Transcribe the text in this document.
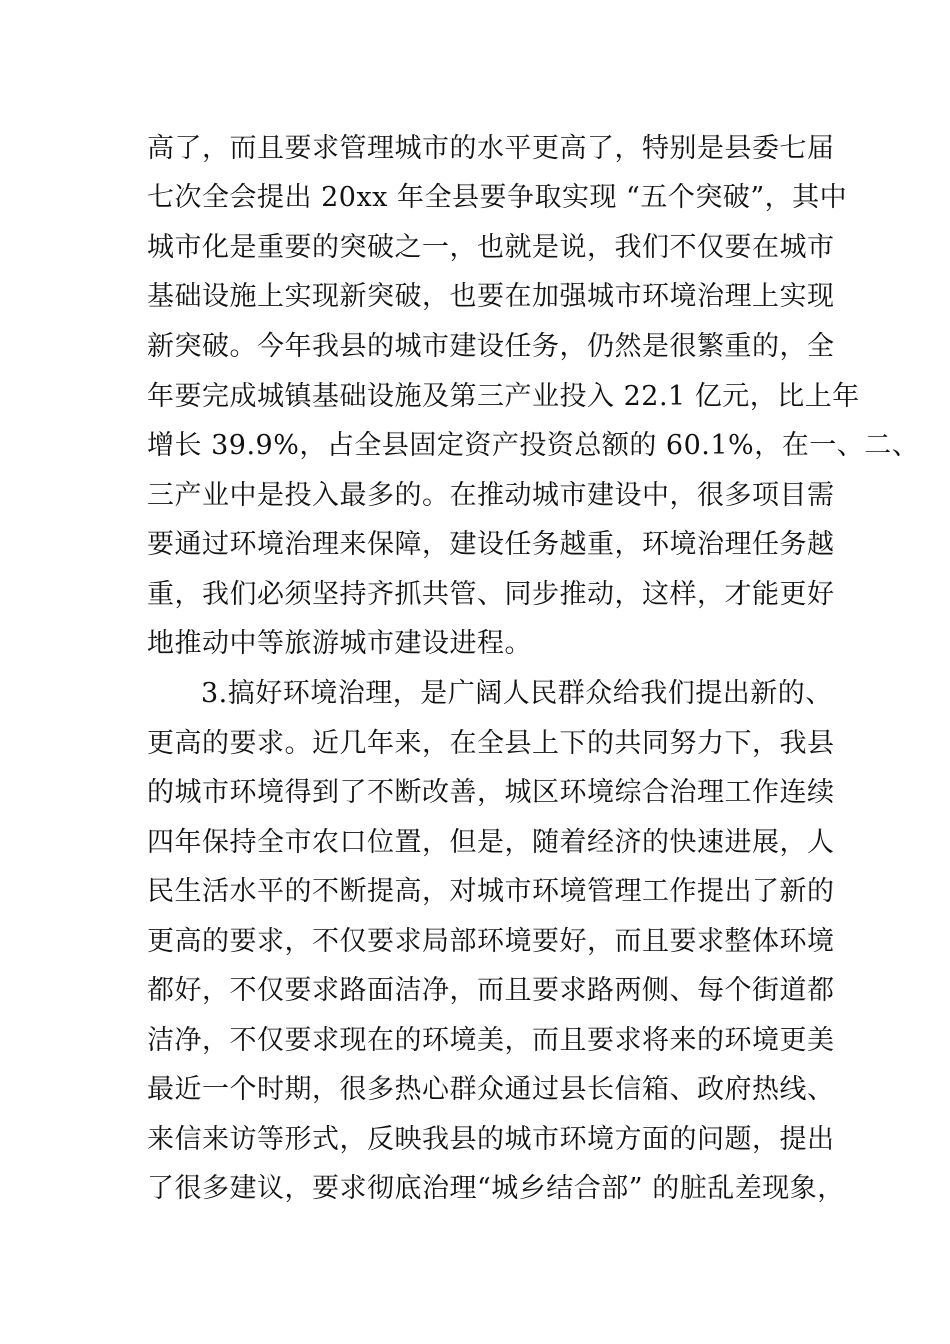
高了，而且要求管理城市的水平更高了，特别是县委七届
七次全会提出 20xx 年全县要争取实现 “五个突破”，其中
城市化是重要的突破之一，也就是说，我们不仅要在城市
基础设施上实现新突破，也要在加强城市环境治理上实现
新突破。今年我县的城市建设任务，仍然是很繁重的，全
年要完成城镇基础设施及第三产业投入 22.1 亿元，比上年
增长 39.9%，占全县固定资产投资总额的 60.1%，在一、二、
三产业中是投入最多的。在推动城市建设中，很多项目需
要通过环境治理来保障，建设任务越重，环境治理任务越
重，我们必须坚持齐抓共管、同步推动，这样，才能更好
地推动中等旅游城市建设进程。
3.搞好环境治理，是广阔人民群众给我们提出新的、
更高的要求。近几年来，在全县上下的共同努力下，我县
的城市环境得到了不断改善，城区环境综合治理工作连续
四年保持全市农口位置，但是，随着经济的快速进展，人
民生活水平的不断提高，对城市环境管理工作提出了新的
更高的要求，不仅要求局部环境要好，而且要求整体环境
都好，不仅要求路面洁净，而且要求路两侧、每个街道都
洁净，不仅要求现在的环境美，而且要求将来的环境更美
最近一个时期，很多热心群众通过县长信箱、政府热线、
来信来访等形式，反映我县的城市环境方面的问题，提出
了很多建议，要求彻底治理“城乡结合部” 的脏乱差现象，
